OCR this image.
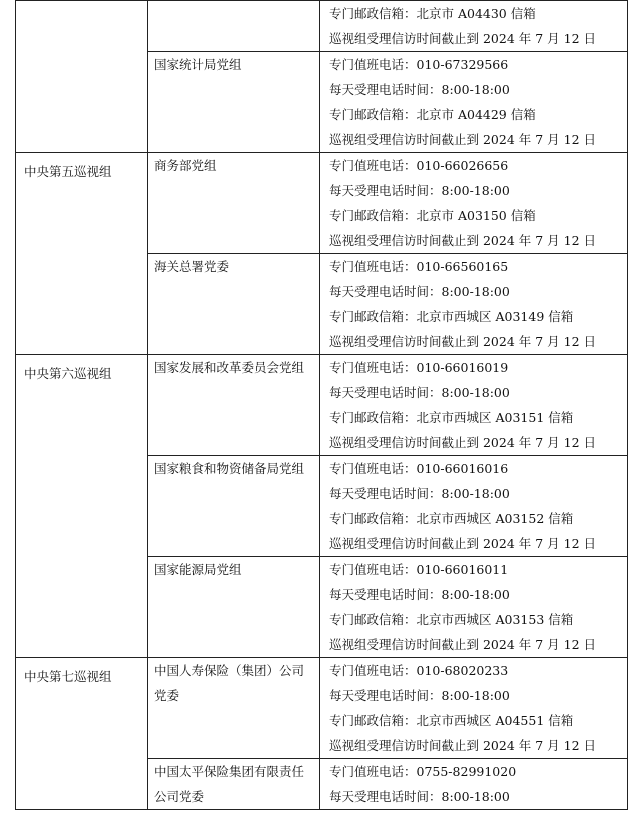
		专门邮政信箱：北京市 A04430 信箱
巡视组受理信访时间截止到 2024 年 7 月 12 日

	国家统计局党组	专门值班电话：010-67329566
每天受理电话时间：8:00-18:00
专门邮政信箱：北京市 A04429 信箱
巡视组受理信访时间截止到 2024 年 7 月 12 日

中央第五巡视组	商务部党组	专门值班电话：010-66026656
每天受理电话时间：8:00-18:00
专门邮政信箱：北京市 A03150 信箱
巡视组受理信访时间截止到 2024 年 7 月 12 日

	海关总署党委	专门值班电话：010-66560165
每天受理电话时间：8:00-18:00
专门邮政信箱：北京市西城区 A03149 信箱
巡视组受理信访时间截止到 2024 年 7 月 12 日

中央第六巡视组	国家发展和改革委员会党组	专门值班电话：010-66016019
每天受理电话时间：8:00-18:00
专门邮政信箱：北京市西城区 A03151 信箱
巡视组受理信访时间截止到 2024 年 7 月 12 日

	国家粮食和物资储备局党组	专门值班电话：010-66016016
每天受理电话时间：8:00-18:00
专门邮政信箱：北京市西城区 A03152 信箱
巡视组受理信访时间截止到 2024 年 7 月 12 日

	国家能源局党组	专门值班电话：010-66016011
每天受理电话时间：8:00-18:00
专门邮政信箱：北京市西城区 A03153 信箱
巡视组受理信访时间截止到 2024 年 7 月 12 日

中央第七巡视组	中国人寿保险（集团）公司党委	专门值班电话：010-68020233
每天受理电话时间：8:00-18:00
专门邮政信箱：北京市西城区 A04551 信箱
巡视组受理信访时间截止到 2024 年 7 月 12 日

	中国太平保险集团有限责任公司党委	专门值班电话：0755-82991020
每天受理电话时间：8:00-18:00
